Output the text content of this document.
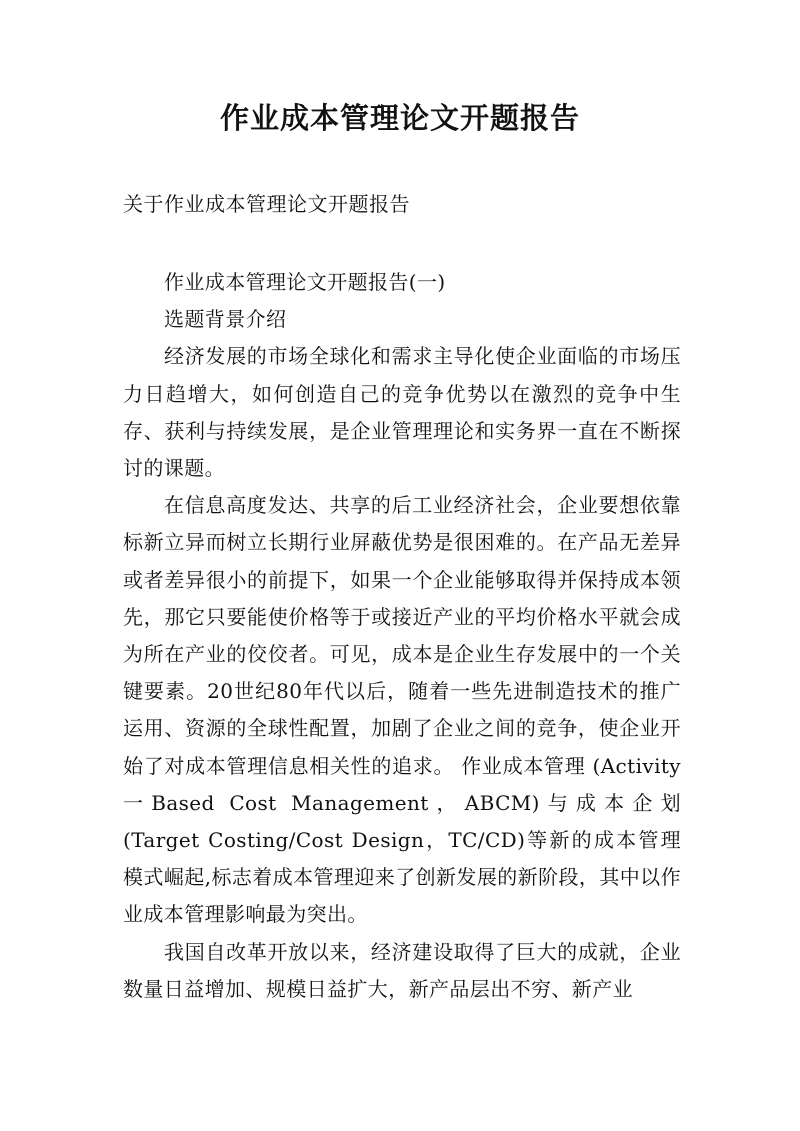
作业成本管理论文开题报告
关于作业成本管理论文开题报告

作业成本管理论文开题报告(一)

选题背景介绍

经济发展的市场全球化和需求主导化使企业面临的市场压力日趋增大，如何创造自己的竞争优势以在激烈的竞争中生存、获利与持续发展，是企业管理理论和实务界一直在不断探讨的课题。

在信息高度发达、共享的后工业经济社会，企业要想依靠标新立异而树立长期行业屏蔽优势是很困难的。在产品无差异或者差异很小的前提下，如果一个企业能够取得并保持成本领先，那它只要能使价格等于或接近产业的平均价格水平就会成为所在产业的佼佼者。可见，成本是企业生存发展中的一个关键要素。20世纪80年代以后，随着一些先进制造技术的推广运用、资源的全球性配置，加剧了企业之间的竞争，使企业开始了对成本管理信息相关性的追求。 作业成本管理 (Activity一Based Cost Management，ABCM)与成本企划 (Target Costing/Cost Design，TC/CD)等新的成本管理模式崛起,标志着成本管理迎来了创新发展的新阶段，其中以作业成本管理影响最为突出。

我国自改革开放以来，经济建设取得了巨大的成就，企业数量日益增加、规模日益扩大，新产品层出不穷、新产业
